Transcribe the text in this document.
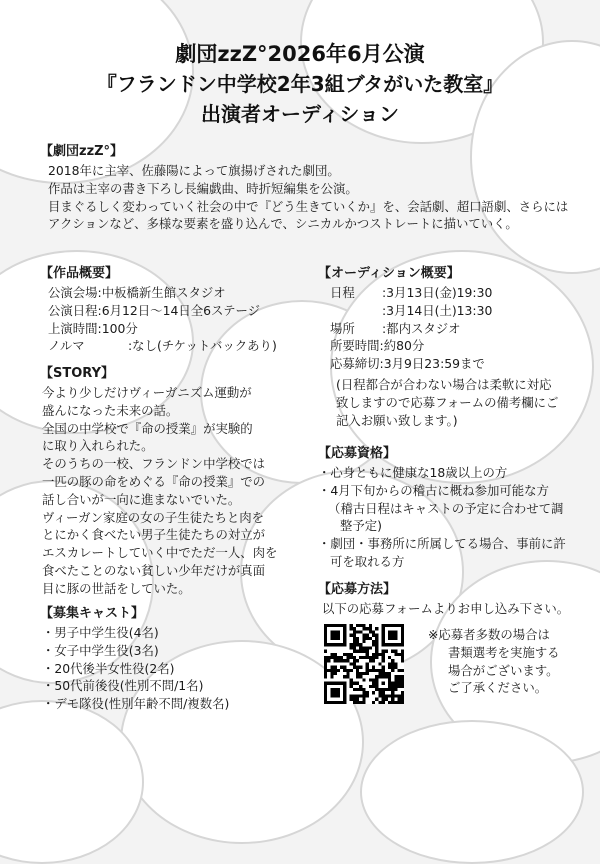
劇団zzZ°2026年6月公演
『フランドン中学校2年3組ブタがいた教室』
出演者オーディション
【劇団zzZ°】
2018年に主宰、佐藤陽によって旗揚げされた劇団。
作品は主宰の書き下ろし長編戯曲、時折短編集を公演。
目まぐるしく変わっていく社会の中で『どう生きていくか』を、会話劇、超口語劇、さらには
アクションなど、多様な要素を盛り込んで、シニカルかつストレートに描いていく。
【作品概要】
公演会場: 中板橋新生館スタジオ
公演日程: 6月12日～14日全6ステージ
上演時間: 100分
ノルマ	:なし(チケットバックあり)
【STORY】
今より少しだけヴィーガニズム運動が
盛んになった未来の話。
全国の中学校で『命の授業』が実験的
に取り入れられた。
そのうちの一校、フランドン中学校では
一匹の豚の命をめぐる『命の授業』での
話し合いが一向に進まないでいた。
ヴィーガン家庭の女の子生徒たちと肉を
とにかく食べたい男子生徒たちの対立が
エスカレートしていく中でただ一人、肉を
食べたことのない貧しい少年だけが真面
目に豚の世話をしていた。
【募集キャスト】
・男子中学生役(4名)
・女子中学生役(3名)
・20代後半女性役(2名)
・50代前後役(性別不問/1名)
・デモ隊役(性別年齢不問/複数名)
【オーディション概要】
日程	:3月13日(金)19:30
:3月14日(土)13:30
場所	:都内スタジオ
所要時間: 約80分
応募締切: 3月9日23:59まで
(日程都合が合わない場合は柔軟に対応
致しますので応募フォームの備考欄にご
記入お願い致します。)
【応募資格】
・心身ともに健康な18歳以上の方
・4月下旬からの稽古に概ね参加可能な方
（稽古日程はキャストの予定に合わせて調
整予定)
・劇団・事務所に所属してる場合、事前に許
可を取れる方
【応募方法】
以下の応募フォームよりお申し込み下さい。
※応募者多数の場合は
書類選考を実施する
場合がございます。
ご了承ください。
